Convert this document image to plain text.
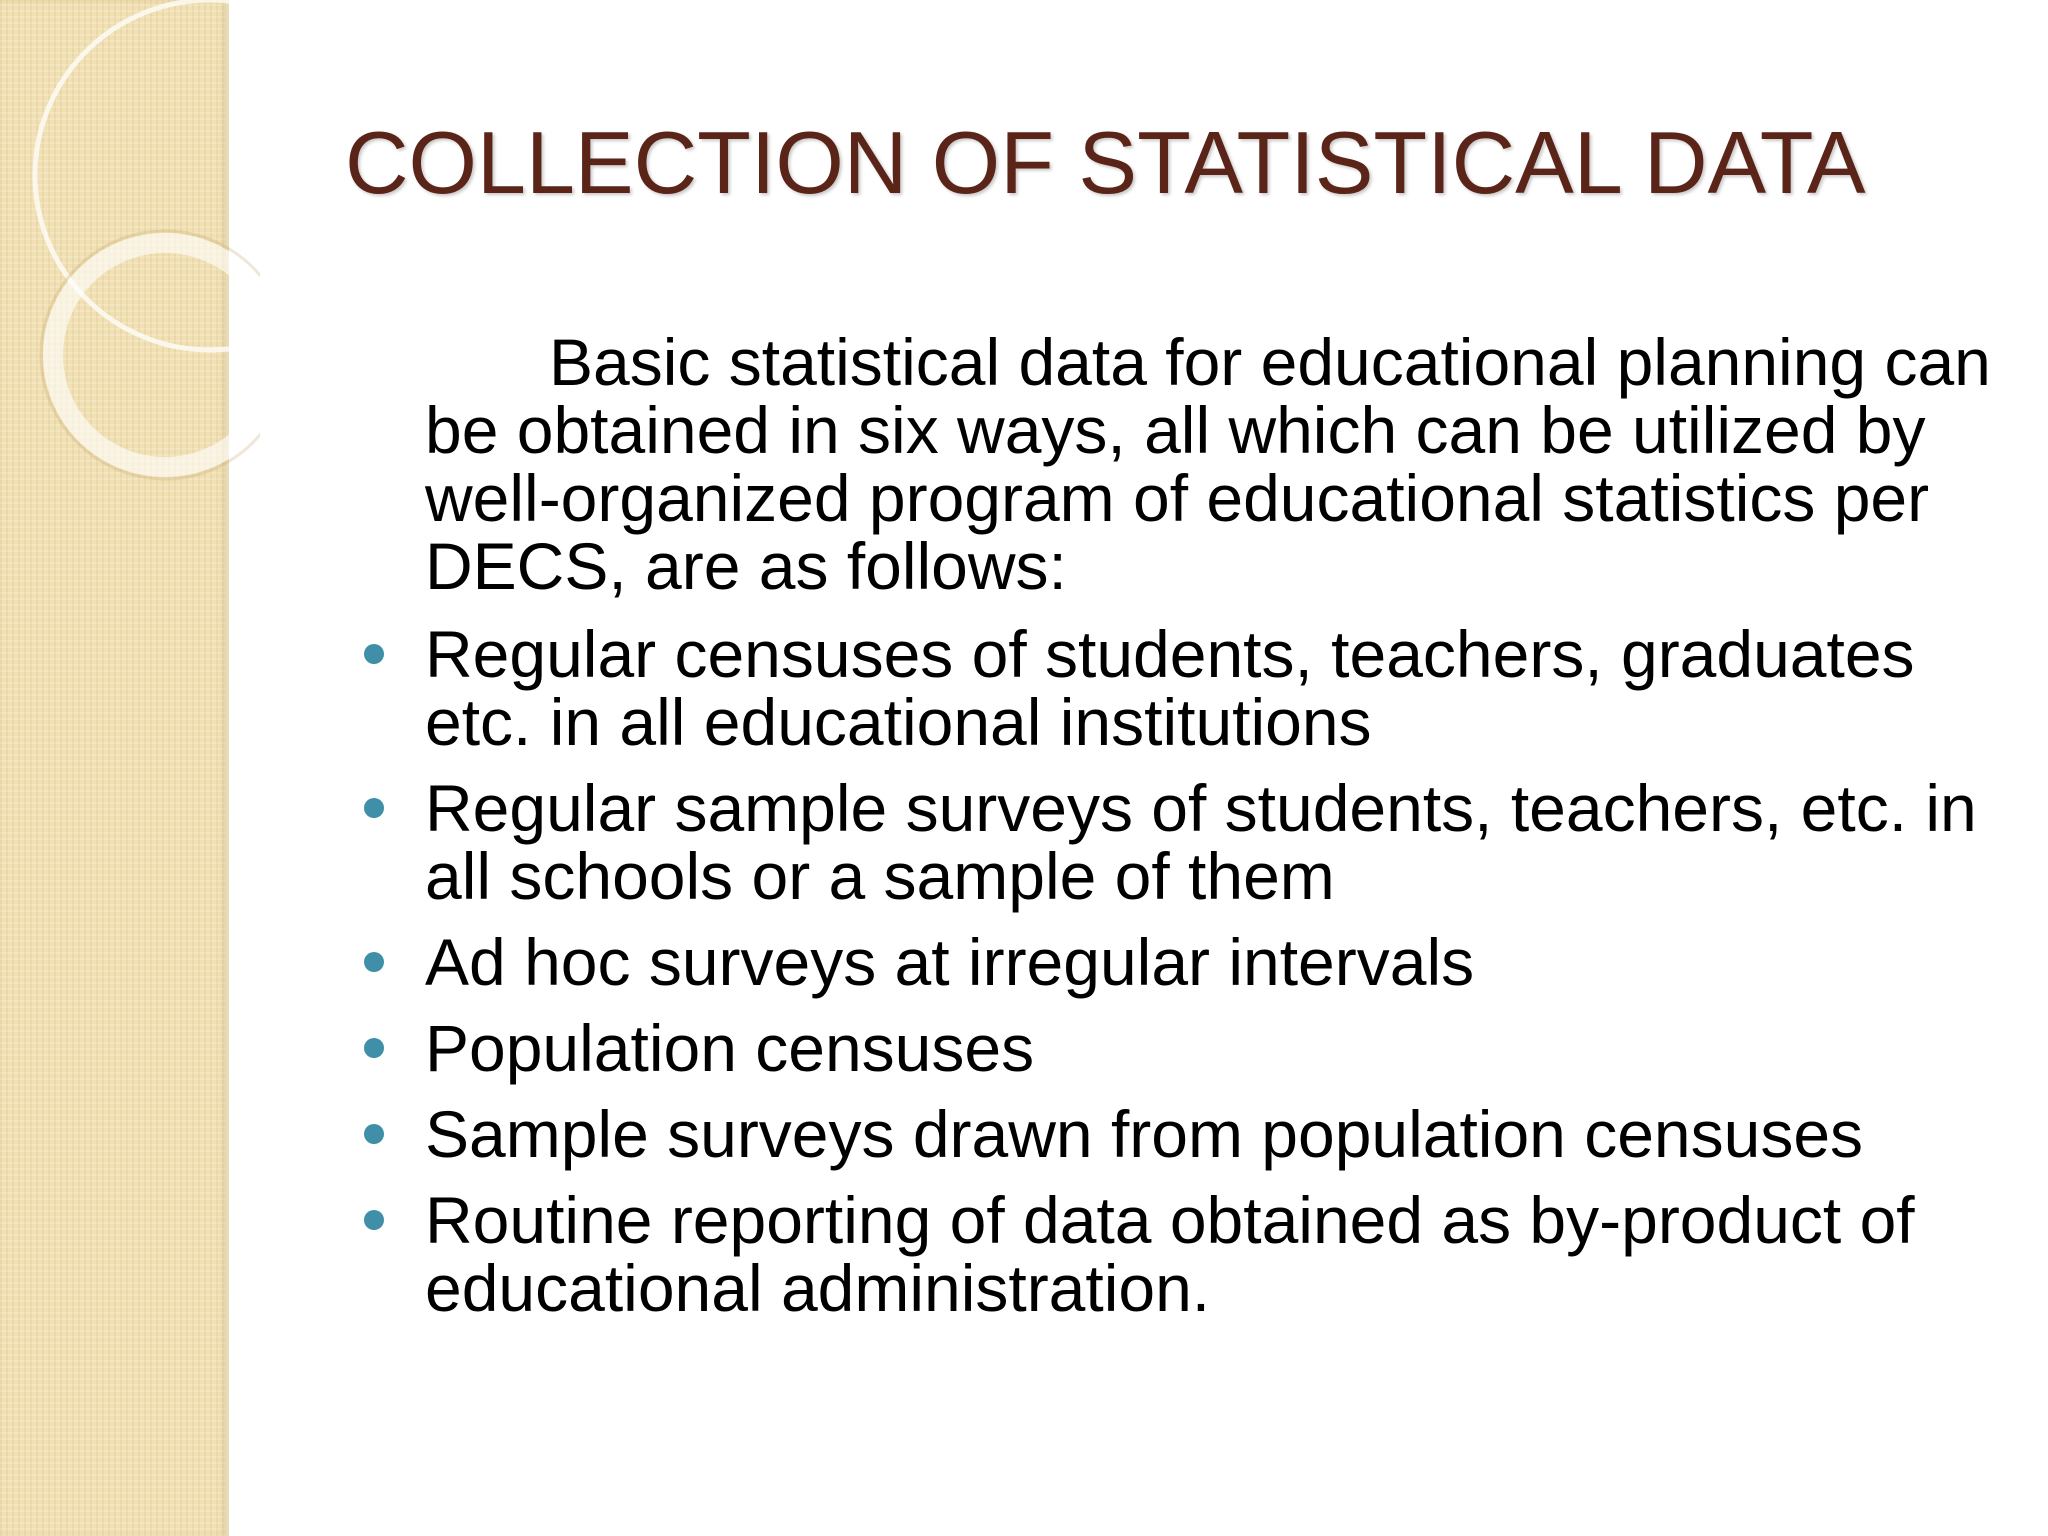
COLLECTION OF STATISTICAL DATA

Basic statistical data for educational planning can be obtained in six ways, all which can be utilized by well-organized program of educational statistics per DECS, are as follows:

Regular censuses of students, teachers, graduates etc. in all educational institutions
Regular sample surveys of students, teachers, etc. in all schools or a sample of them
Ad hoc surveys at irregular intervals
Population censuses
Sample surveys drawn from population censuses
Routine reporting of data obtained as by-product of educational administration.
